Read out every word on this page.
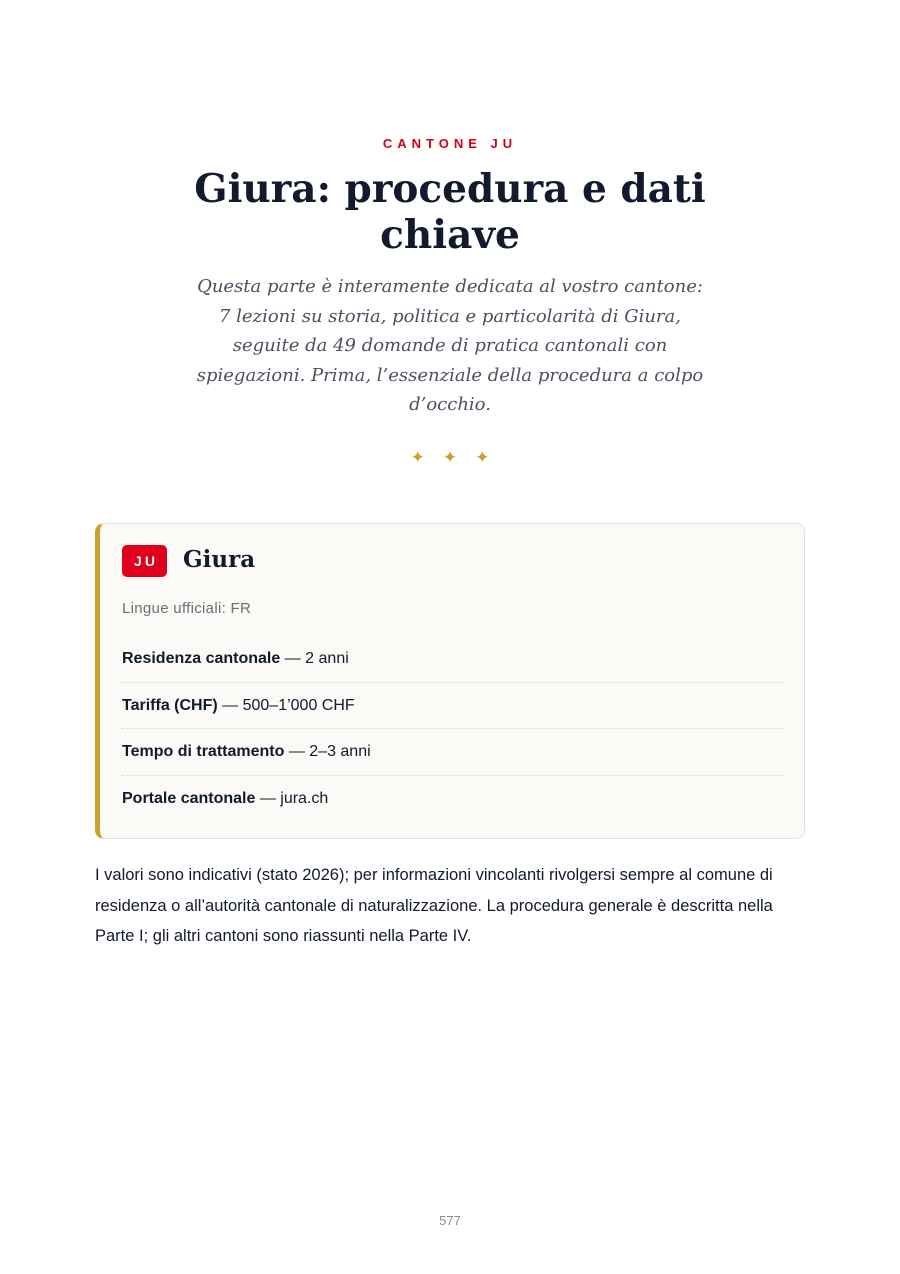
CANTONE JU
Giura: procedura e dati chiave

Questa parte è interamente dedicata al vostro cantone: 7 lezioni su storia, politica e particolarità di Giura, seguite da 49 domande di pratica cantonali con spiegazioni. Prima, l’essenziale della procedura a colpo d’occhio.

✦✦✦
JU	Giura
Lingue ufficiali: FR
Residenza cantonale — 2 anni
Tariffa (CHF) — 500–1’000 CHF
Tempo di trattamento — 2–3 anni
Portale cantonale — jura.ch

I valori sono indicativi (stato 2026); per informazioni vincolanti rivolgersi sempre al comune di residenza o all’autorità cantonale di naturalizzazione. La procedura generale è descritta nella Parte I; gli altri cantoni sono riassunti nella Parte IV.

577
